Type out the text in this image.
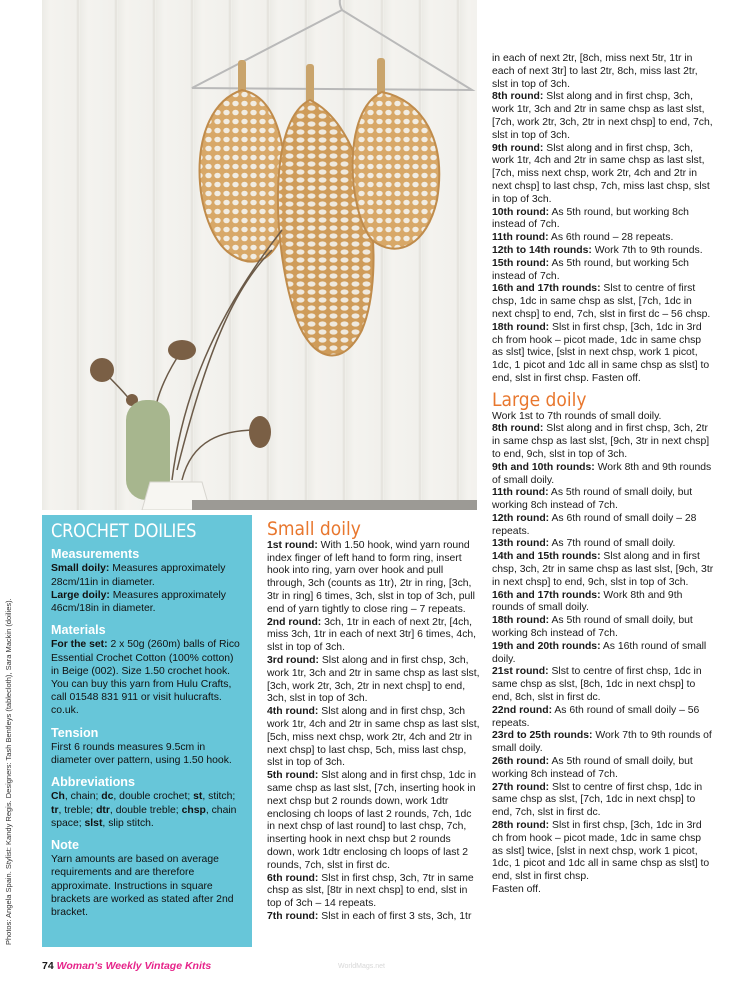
Photos: Angela Spain. Stylist: Kandy Regis. Designers: Tash Bentleys (tablecloth), Sara Mackin (doilies).
CROCHET DOILIES
Measurements

Small doily: Measures approximately 28cm/11in in diameter.

Large doily: Measures approximately 46cm/18in in diameter.

Materials

For the set: 2 x 50g (260m) balls of Rico Essential Crochet Cotton (100% cotton) in Beige (002). Size 1.50 crochet hook. You can buy this yarn from Hulu Crafts, call 01548 831 911 or visit hulucrafts. co.uk.

Tension

First 6 rounds measures 9.5cm in diameter over pattern, using 1.50 hook.

Abbreviations

Ch, chain; dc, double crochet; st, stitch; tr, treble; dtr, double treble; chsp, chain space; slst, slip stitch.

Note

Yarn amounts are based on average requirements and are therefore approximate. Instructions in square brackets are worked as stated after 2nd bracket.

Small doily

1st round: With 1.50 hook, wind yarn round index finger of left hand to form ring, insert hook into ring, yarn over hook and pull through, 3ch (counts as 1tr), 2tr in ring, [3ch, 3tr in ring] 6 times, 3ch, slst in top of 3ch, pull end of yarn tightly to close ring – 7 repeats.

2nd round: 3ch, 1tr in each of next 2tr, [4ch, miss 3ch, 1tr in each of next 3tr] 6 times, 4ch, slst in top of 3ch.

3rd round: Slst along and in first chsp, 3ch, work 1tr, 3ch and 2tr in same chsp as last slst, [3ch, work 2tr, 3ch, 2tr in next chsp] to end, 3ch, slst in top of 3ch.

4th round: Slst along and in first chsp, 3ch work 1tr, 4ch and 2tr in same chsp as last slst, [5ch, miss next chsp, work 2tr, 4ch and 2tr in next chsp] to last chsp, 5ch, miss last chsp, slst in top of 3ch.

5th round: Slst along and in first chsp, 1dc in same chsp as last slst, [7ch, inserting hook in next chsp but 2 rounds down, work 1dtr enclosing ch loops of last 2 rounds, 7ch, 1dc in next chsp of last round] to last chsp, 7ch, inserting hook in next chsp but 2 rounds down, work 1dtr enclosing ch loops of last 2 rounds, 7ch, slst in first dc.

6th round: Slst in first chsp, 3ch, 7tr in same chsp as slst, [8tr in next chsp] to end, slst in top of 3ch – 14 repeats.

7th round: Slst in each of first 3 sts, 3ch, 1tr

in each of next 2tr, [8ch, miss next 5tr, 1tr in each of next 3tr] to last 2tr, 8ch, miss last 2tr, slst in top of 3ch.

8th round: Slst along and in first chsp, 3ch, work 1tr, 3ch and 2tr in same chsp as last slst, [7ch, work 2tr, 3ch, 2tr in next chsp] to end, 7ch, slst in top of 3ch.

9th round: Slst along and in first chsp, 3ch, work 1tr, 4ch and 2tr in same chsp as last slst, [7ch, miss next chsp, work 2tr, 4ch and 2tr in next chsp] to last chsp, 7ch, miss last chsp, slst in top of 3ch.

10th round: As 5th round, but working 8ch instead of 7ch.

11th round: As 6th round – 28 repeats.

12th to 14th rounds: Work 7th to 9th rounds.

15th round: As 5th round, but working 5ch instead of 7ch.

16th and 17th rounds: Slst to centre of first chsp, 1dc in same chsp as slst, [7ch, 1dc in next chsp] to end, 7ch, slst in first dc – 56 chsp.

18th round: Slst in first chsp, [3ch, 1dc in 3rd ch from hook – picot made, 1dc in same chsp as slst] twice, [slst in next chsp, work 1 picot, 1dc, 1 picot and 1dc all in same chsp as slst] to end, slst in first chsp. Fasten off.

Large doily

Work 1st to 7th rounds of small doily.

8th round: Slst along and in first chsp, 3ch, 2tr in same chsp as last slst, [9ch, 3tr in next chsp] to end, 9ch, slst in top of 3ch.

9th and 10th rounds: Work 8th and 9th rounds of small doily.

11th round: As 5th round of small doily, but working 8ch instead of 7ch.

12th round: As 6th round of small doily – 28 repeats.

13th round: As 7th round of small doily.

14th and 15th rounds: Slst along and in first chsp, 3ch, 2tr in same chsp as last slst, [9ch, 3tr in next chsp] to end, 9ch, slst in top of 3ch.

16th and 17th rounds: Work 8th and 9th rounds of small doily.

18th round: As 5th round of small doily, but working 8ch instead of 7ch.

19th and 20th rounds: As 16th round of small doily.

21st round: Slst to centre of first chsp, 1dc in same chsp as slst, [8ch, 1dc in next chsp] to end, 8ch, slst in first dc.

22nd round: As 6th round of small doily – 56 repeats.

23rd to 25th rounds: Work 7th to 9th rounds of small doily.

26th round: As 5th round of small doily, but working 8ch instead of 7ch.

27th round: Slst to centre of first chsp, 1dc in same chsp as slst, [7ch, 1dc in next chsp] to end, 7ch, slst in first dc.

28th round: Slst in first chsp, [3ch, 1dc in 3rd ch from hook – picot made, 1dc in same chsp as slst] twice, [slst in next chsp, work 1 picot, 1dc, 1 picot and 1dc all in same chsp as slst] to end, slst in first chsp.

Fasten off.

74 Woman's Weekly Vintage Knits	WorldMags.net
